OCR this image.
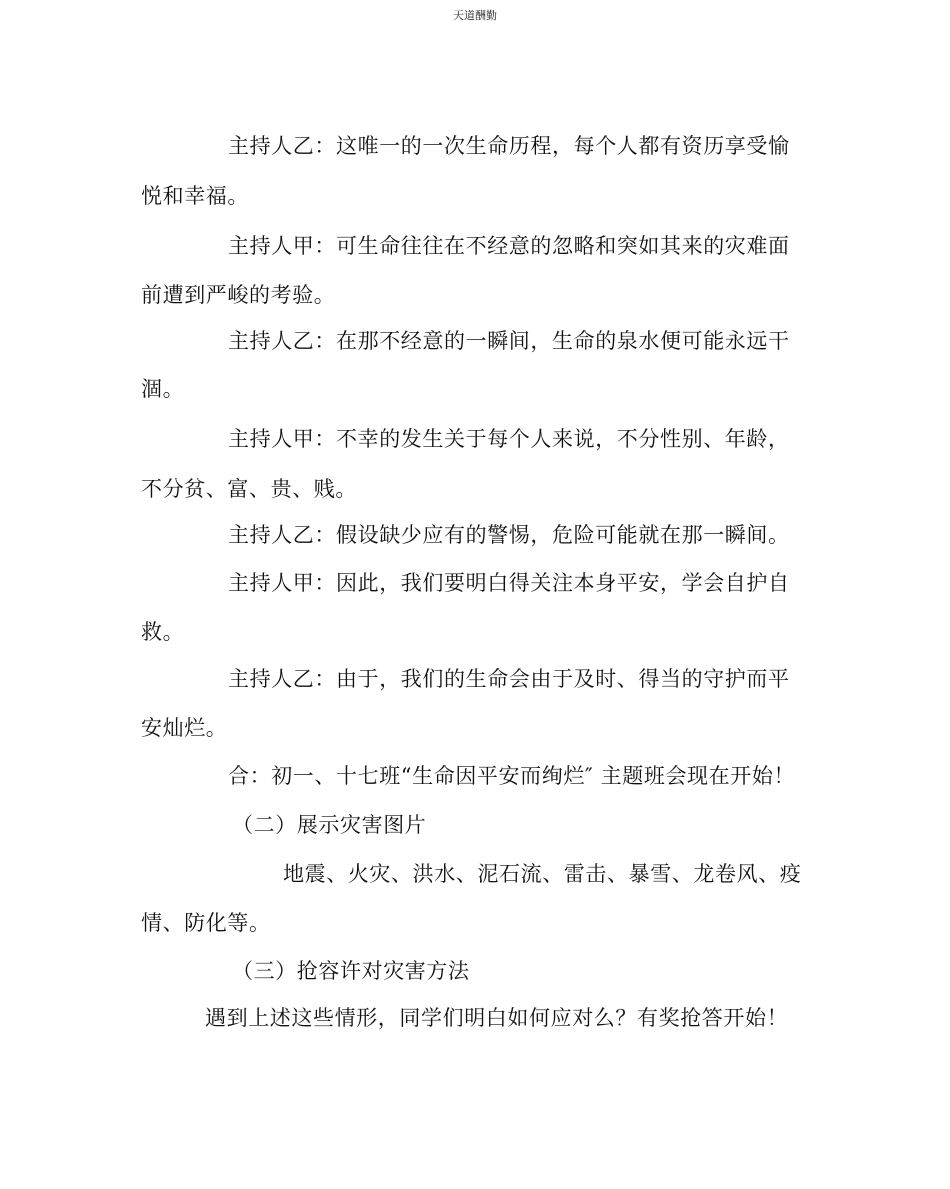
天道酬勤
主持人乙：这唯一的一次生命历程，每个人都有资历享受愉
悦和幸福。
主持人甲：可生命往往在不经意的忽略和突如其来的灾难面
前遭到严峻的考验。
主持人乙：在那不经意的一瞬间，生命的泉水便可能永远干
涸。
主持人甲：不幸的发生关于每个人来说，不分性别、年龄，
不分贫、富、贵、贱。
主持人乙：假设缺少应有的警惕，危险可能就在那一瞬间。
主持人甲：因此，我们要明白得关注本身平安，学会自护自
救。
主持人乙：由于，我们的生命会由于及时、得当的守护而平
安灿烂。
合：初一、十七班“生命因平安而绚烂″ 主题班会现在开始！
（二）展示灾害图片
地震、火灾、洪水、泥石流、雷击、暴雪、龙卷风、疫
情、防化等。
（三）抢容许对灾害方法
遇到上述这些情形，同学们明白如何应对么？有奖抢答开始！
